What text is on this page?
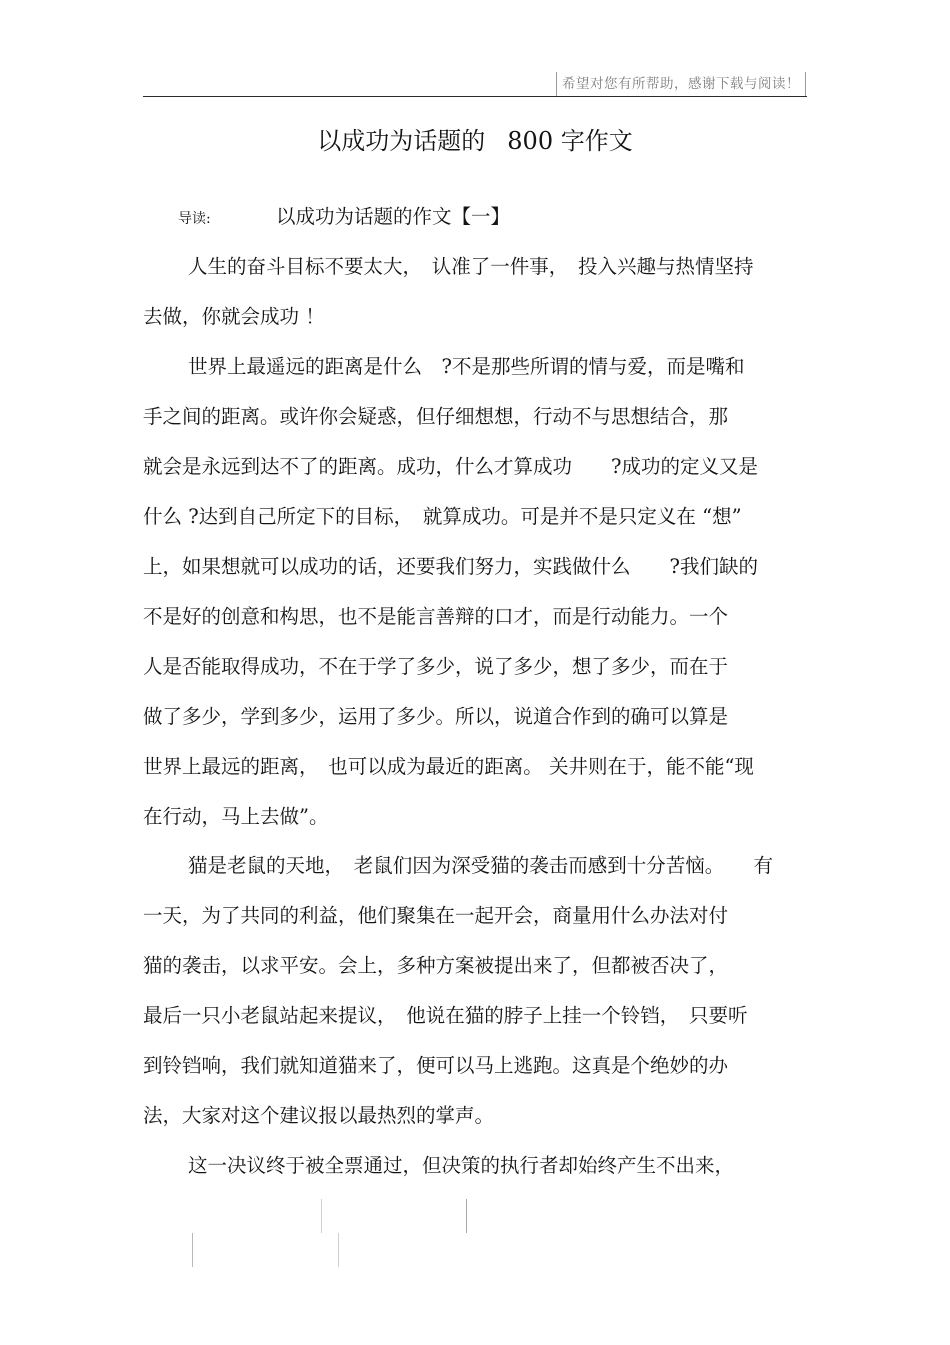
希望对您有所帮助，感谢下载与阅读！
以成功为话题的 800 字作文
导读:	以成功为话题的作文【一】
人生的奋斗目标不要太大，　认准了一件事，　投入兴趣与热情坚持
去做，你就会成功 ！
世界上最遥远的距离是什么　?不是那些所谓的情与爱，而是嘴和
手之间的距离。或许你会疑惑，但仔细想想，行动不与思想结合，那
就会是永远到达不了的距离。成功，什么才算成功　　?成功的定义又是
什么 ?达到自己所定下的目标，　就算成功。可是并不是只定义在 “想”
上，如果想就可以成功的话，还要我们努力，实践做什么　　?我们缺的
不是好的创意和构思，也不是能言善辩的口才，而是行动能力。一个
人是否能取得成功，不在于学了多少，说了多少，想了多少，而在于
做了多少，学到多少，运用了多少。所以，说道合作到的确可以算是
世界上最远的距离，　也可以成为最近的距离。 关井则在于，能不能“现
在行动，马上去做”。
猫是老鼠的天地，　老鼠们因为深受猫的袭击而感到十分苦恼。　　有
一天，为了共同的利益，他们聚集在一起开会，商量用什么办法对付
猫的袭击，以求平安。会上，多种方案被提出来了，但都被否决了，
最后一只小老鼠站起来提议，　他说在猫的脖子上挂一个铃铛，　只要听
到铃铛响，我们就知道猫来了，便可以马上逃跑。这真是个绝妙的办
法，大家对这个建议报以最热烈的掌声。
这一决议终于被全票通过，但决策的执行者却始终产生不出来，
